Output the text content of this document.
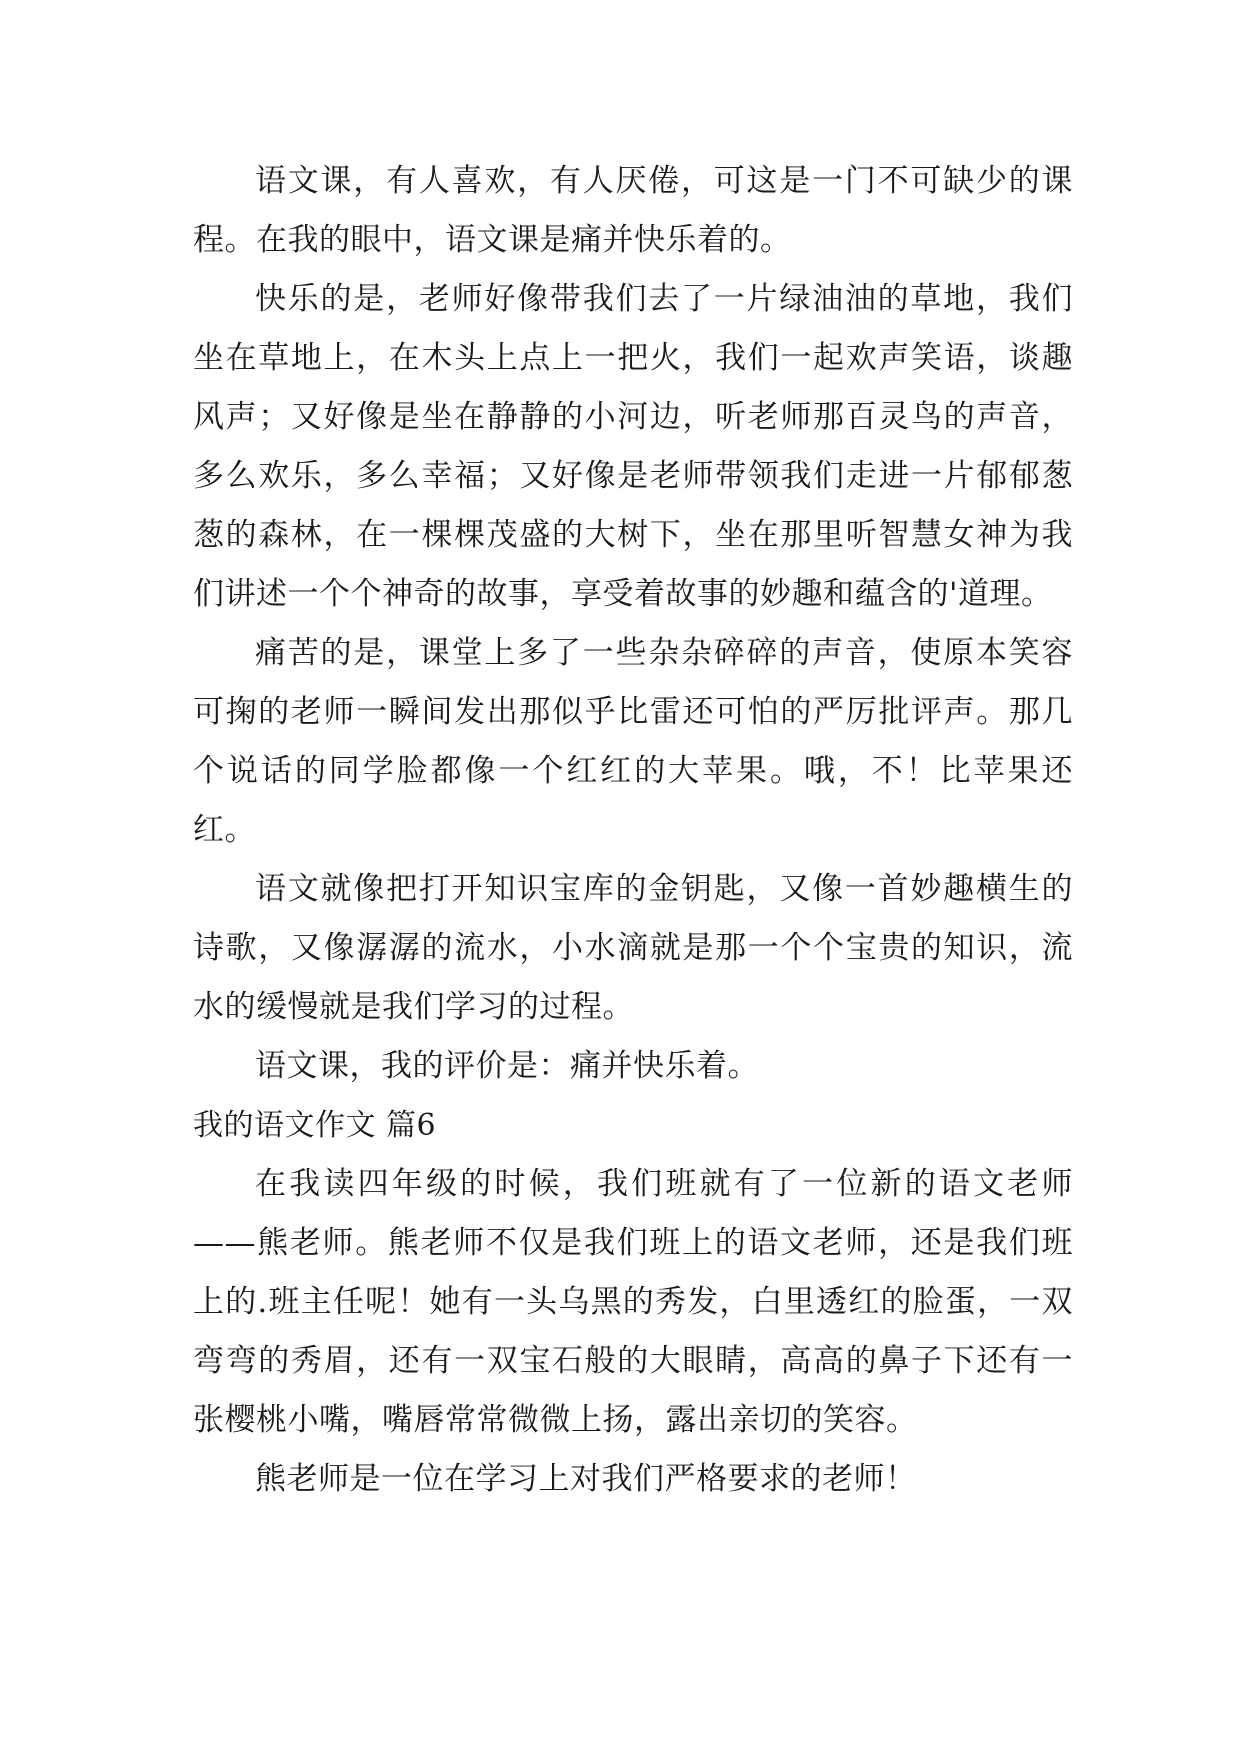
语文课，有人喜欢，有人厌倦，可这是一门不可缺少的课程。在我的眼中，语文课是痛并快乐着的。

快乐的是，老师好像带我们去了一片绿油油的草地，我们坐在草地上，在木头上点上一把火，我们一起欢声笑语，谈趣风声；又好像是坐在静静的小河边，听老师那百灵鸟的声音，多么欢乐，多么幸福；又好像是老师带领我们走进一片郁郁葱葱的森林，在一棵棵茂盛的大树下，坐在那里听智慧女神为我们讲述一个个神奇的故事，享受着故事的妙趣和蕴含的'道理。

痛苦的是，课堂上多了一些杂杂碎碎的声音，使原本笑容可掬的老师一瞬间发出那似乎比雷还可怕的严厉批评声。那几个说话的同学脸都像一个红红的大苹果。哦，不！比苹果还红。

语文就像把打开知识宝库的金钥匙，又像一首妙趣横生的诗歌，又像潺潺的流水，小水滴就是那一个个宝贵的知识，流水的缓慢就是我们学习的过程。

语文课，我的评价是：痛并快乐着。

我的语文作文 篇6

在我读四年级的时候，我们班就有了一位新的语文老师——熊老师。熊老师不仅是我们班上的语文老师，还是我们班上的.班主任呢！她有一头乌黑的秀发，白里透红的脸蛋，一双弯弯的秀眉，还有一双宝石般的大眼睛，高高的鼻子下还有一张樱桃小嘴，嘴唇常常微微上扬，露出亲切的笑容。

熊老师是一位在学习上对我们严格要求的老师！
